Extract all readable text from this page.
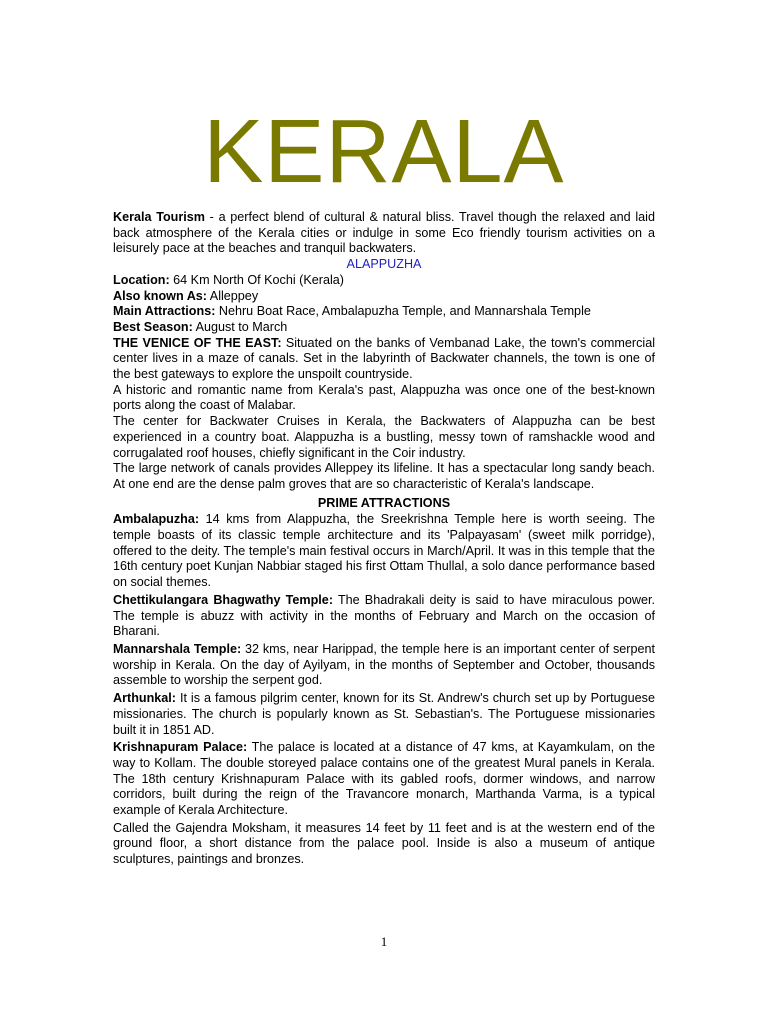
KERALA

Kerala Tourism - a perfect blend of cultural & natural bliss. Travel though the relaxed and laid back atmosphere of the Kerala cities or indulge in some Eco friendly tourism activities on a leisurely pace at the beaches and tranquil backwaters.

ALAPPUZHA

Location: 64 Km North Of Kochi (Kerala)

Also known As: Alleppey

Main Attractions: Nehru Boat Race, Ambalapuzha Temple, and Mannarshala Temple

Best Season: August to March

THE VENICE OF THE EAST: Situated on the banks of Vembanad Lake, the town's commercial center lives in a maze of canals. Set in the labyrinth of Backwater channels, the town is one of the best gateways to explore the unspoilt countryside.

A historic and romantic name from Kerala's past, Alappuzha was once one of the best-known ports along the coast of Malabar.

The center for Backwater Cruises in Kerala, the Backwaters of Alappuzha can be best experienced in a country boat. Alappuzha is a bustling, messy town of ramshackle wood and corrugalated roof houses, chiefly significant in the Coir industry.

The large network of canals provides Alleppey its lifeline. It has a spectacular long sandy beach. At one end are the dense palm groves that are so characteristic of Kerala's landscape.

PRIME ATTRACTIONS

Ambalapuzha: 14 kms from Alappuzha, the Sreekrishna Temple here is worth seeing. The temple boasts of its classic temple architecture and its 'Palpayasam' (sweet milk porridge), offered to the deity. The temple's main festival occurs in March/April. It was in this temple that the 16th century poet Kunjan Nabbiar staged his first Ottam Thullal, a solo dance performance based on social themes.

Chettikulangara Bhagwathy Temple: The Bhadrakali deity is said to have miraculous power. The temple is abuzz with activity in the months of February and March on the occasion of Bharani.

Mannarshala Temple: 32 kms, near Harippad, the temple here is an important center of serpent worship in Kerala. On the day of Ayilyam, in the months of September and October, thousands assemble to worship the serpent god.

Arthunkal: It is a famous pilgrim center, known for its St. Andrew's church set up by Portuguese missionaries. The church is popularly known as St. Sebastian's. The Portuguese missionaries built it in 1851 AD.

Krishnapuram Palace: The palace is located at a distance of 47 kms, at Kayamkulam, on the way to Kollam. The double storeyed palace contains one of the greatest Mural panels in Kerala. The 18th century Krishnapuram Palace with its gabled roofs, dormer windows, and narrow corridors, built during the reign of the Travancore monarch, Marthanda Varma, is a typical example of Kerala Architecture.

Called the Gajendra Moksham, it measures 14 feet by 11 feet and is at the western end of the ground floor, a short distance from the palace pool. Inside is also a museum of antique sculptures, paintings and bronzes.

1
